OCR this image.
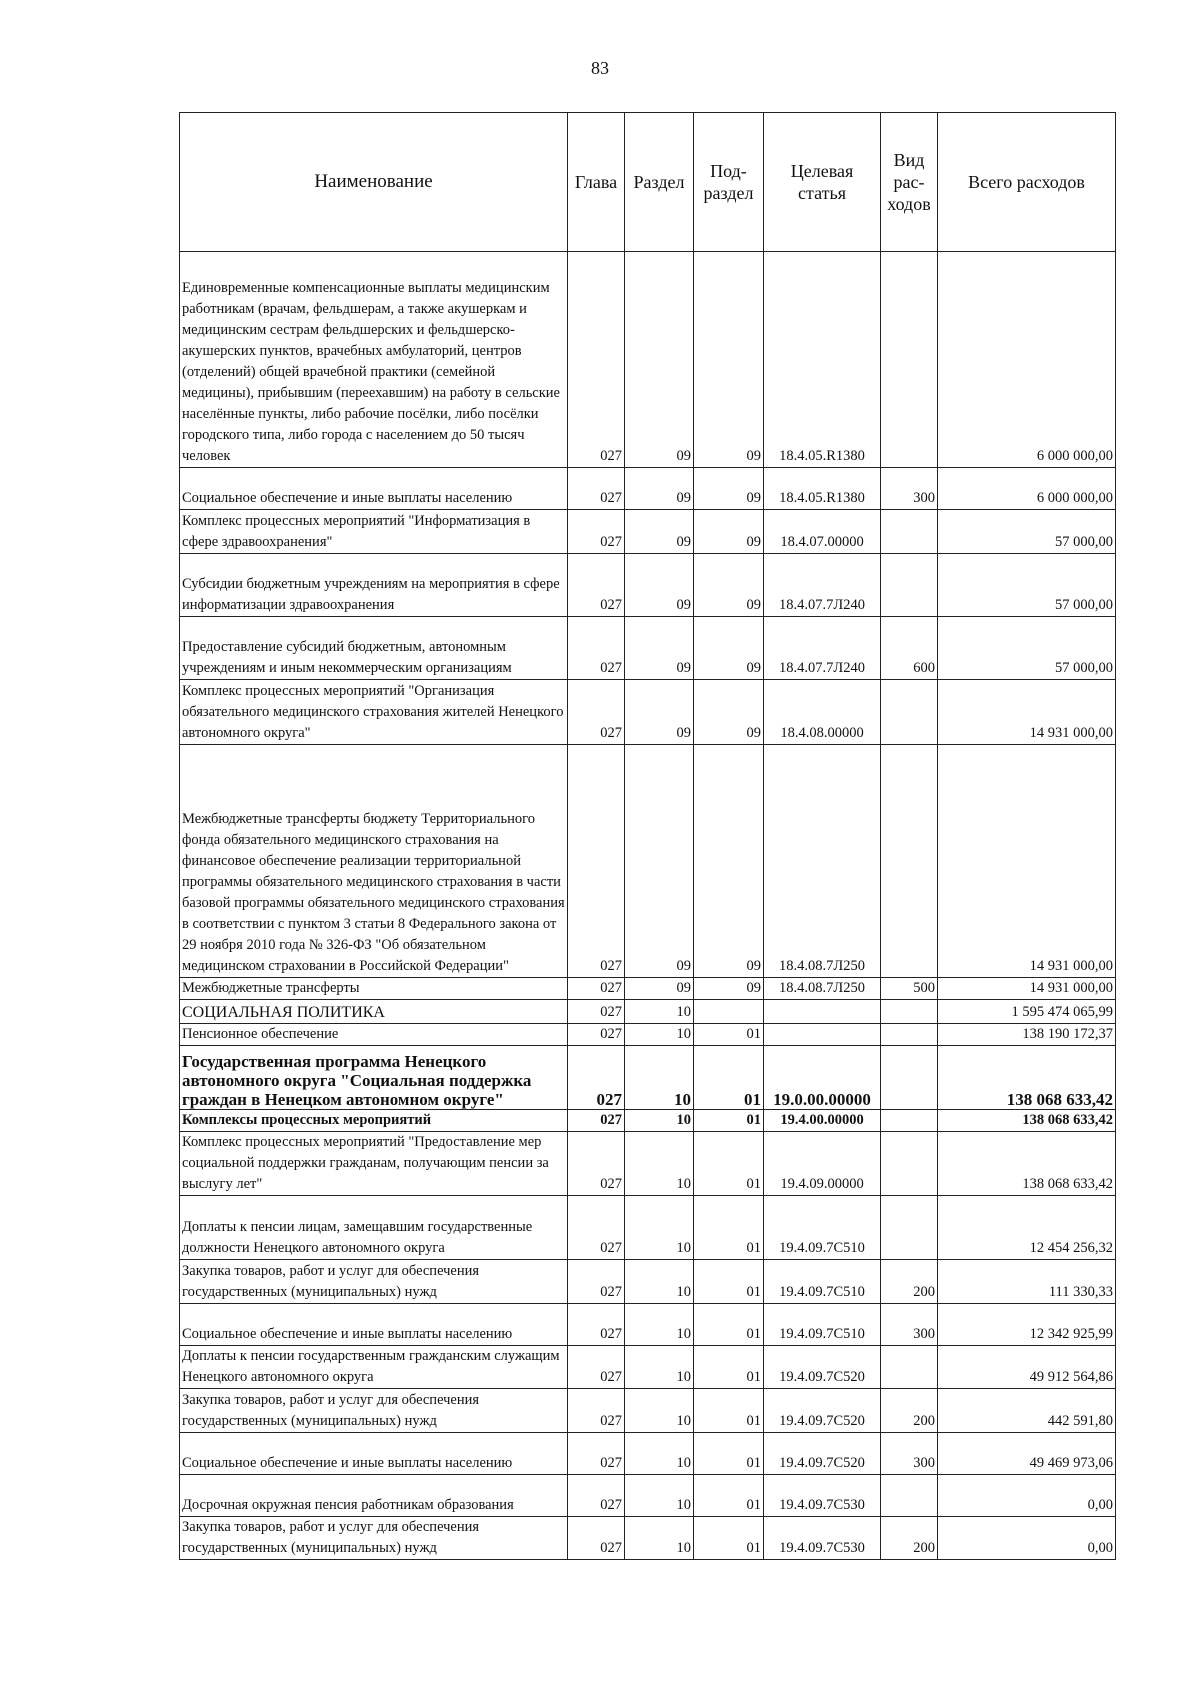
83
Наименование	Глава	Раздел	Под-раздел	Целевая статья	Вид рас-ходов	Всего расходов
Единовременные компенсационные выплаты медицинским работникам (врачам, фельдшерам, а также акушеркам и медицинским сестрам фельдшерских и фельдшерско-акушерских пунктов, врачебных амбулаторий, центров (отделений) общей врачебной практики (семейной медицины), прибывшим (переехавшим) на работу в сельские населённые пункты, либо рабочие посёлки, либо посёлки городского типа, либо города с населением до 50 тысяч человек	027	09	09	18.4.05.R1380		6 000 000,00
Социальное обеспечение и иные выплаты населению	027	09	09	18.4.05.R1380	300	6 000 000,00
Комплекс процессных мероприятий "Информатизация в сфере здравоохранения"	027	09	09	18.4.07.00000		57 000,00
Субсидии бюджетным учреждениям на мероприятия в сфере информатизации здравоохранения	027	09	09	18.4.07.7Л240		57 000,00
Предоставление субсидий бюджетным, автономным учреждениям и иным некоммерческим организациям	027	09	09	18.4.07.7Л240	600	57 000,00
Комплекс процессных мероприятий "Организация обязательного медицинского страхования жителей Ненецкого автономного округа"	027	09	09	18.4.08.00000		14 931 000,00
Межбюджетные трансферты бюджету Территориального фонда обязательного медицинского страхования на финансовое обеспечение реализации территориальной программы обязательного медицинского страхования в части базовой программы обязательного медицинского страхования в соответствии с пунктом 3 статьи 8 Федерального закона от 29 ноября 2010 года № 326-ФЗ "Об обязательном медицинском страховании в Российской Федерации"	027	09	09	18.4.08.7Л250		14 931 000,00
Межбюджетные трансферты	027	09	09	18.4.08.7Л250	500	14 931 000,00
СОЦИАЛЬНАЯ ПОЛИТИКА	027	10				1 595 474 065,99
Пенсионное обеспечение	027	10	01			138 190 172,37
Государственная программа Ненецкого автономного округа "Социальная поддержка граждан в Ненецком автономном округе"	027	10	01	19.0.00.00000		138 068 633,42
Комплексы процессных мероприятий	027	10	01	19.4.00.00000		138 068 633,42
Комплекс процессных мероприятий "Предоставление мер социальной поддержки гражданам, получающим пенсии за выслугу лет"	027	10	01	19.4.09.00000		138 068 633,42
Доплаты к пенсии лицам, замещавшим государственные должности Ненецкого автономного округа	027	10	01	19.4.09.7С510		12 454 256,32
Закупка товаров, работ и услуг для обеспечения государственных (муниципальных) нужд	027	10	01	19.4.09.7С510	200	111 330,33
Социальное обеспечение и иные выплаты населению	027	10	01	19.4.09.7С510	300	12 342 925,99
Доплаты к пенсии государственным гражданским служащим Ненецкого автономного округа	027	10	01	19.4.09.7С520		49 912 564,86
Закупка товаров, работ и услуг для обеспечения государственных (муниципальных) нужд	027	10	01	19.4.09.7С520	200	442 591,80
Социальное обеспечение и иные выплаты населению	027	10	01	19.4.09.7С520	300	49 469 973,06
Досрочная окружная пенсия работникам образования	027	10	01	19.4.09.7С530		0,00
Закупка товаров, работ и услуг для обеспечения государственных (муниципальных) нужд	027	10	01	19.4.09.7С530	200	0,00
